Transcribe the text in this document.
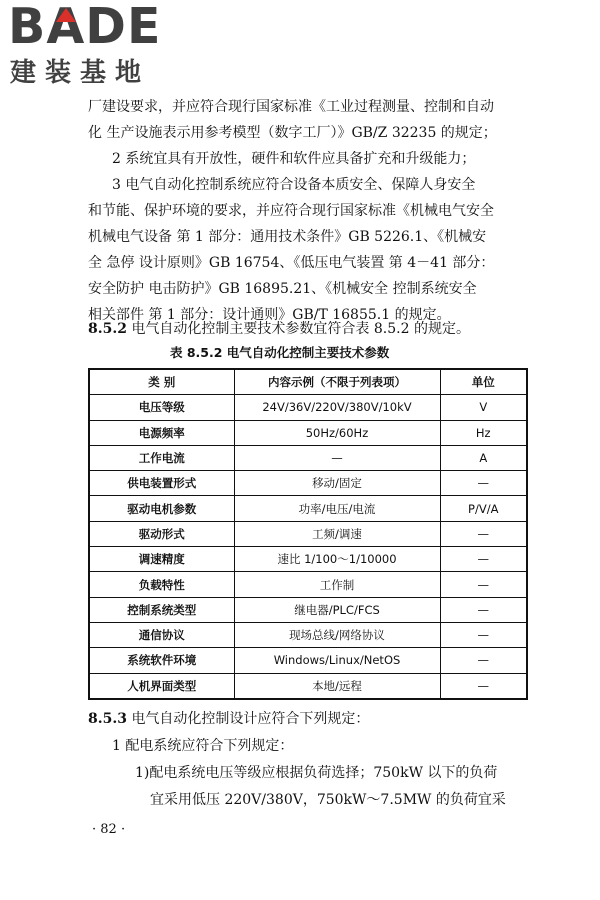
BADE
建装基地
厂建设要求，并应符合现行国家标准《工业过程测量、控制和自动
化 生产设施表示用参考模型（数字工厂）》GB/Z 32235 的规定；
2 系统宜具有开放性，硬件和软件应具备扩充和升级能力；
3 电气自动化控制系统应符合设备本质安全、保障人身安全
和节能、保护环境的要求，并应符合现行国家标准《机械电气安全
机械电气设备 第 1 部分：通用技术条件》GB 5226.1、《机械安
全 急停 设计原则》GB 16754、《低压电气装置 第 4－41 部分：
安全防护 电击防护》GB 16895.21、《机械安全 控制系统安全
相关部件 第 1 部分：设计通则》GB/T 16855.1 的规定。
8.5.2 电气自动化控制主要技术参数宜符合表 8.5.2 的规定。
表 8.5.2 电气自动化控制主要技术参数
类 别	内容示例（不限于列表项）	单位
电压等级	24V/36V/220V/380V/10kV	V
电源频率	50Hz/60Hz	Hz
工作电流	—	A
供电装置形式	移动/固定	—
驱动电机参数	功率/电压/电流	P/V/A
驱动形式	工频/调速	—
调速精度	速比 1/100～1/10000	—
负载特性	工作制	—
控制系统类型	继电器/PLC/FCS	—
通信协议	现场总线/网络协议	—
系统软件环境	Windows/Linux/NetOS	—
人机界面类型	本地/远程	—
8.5.3 电气自动化控制设计应符合下列规定：
1 配电系统应符合下列规定：
1)配电系统电压等级应根据负荷选择；750kW 以下的负荷
宜采用低压 220V/380V，750kW～7.5MW 的负荷宜采
· 82 ·
